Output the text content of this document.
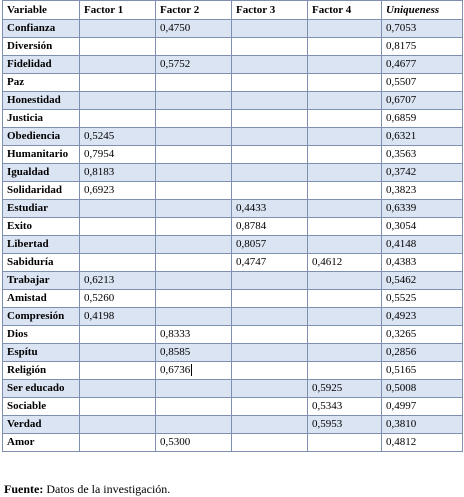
Variable	Factor 1	Factor 2	Factor 3	Factor 4	Uniqueness
Confianza		0,4750			0,7053
Diversión					0,8175
Fidelidad		0,5752			0,4677
Paz					0,5507
Honestidad					0,6707
Justicia					0,6859
Obediencia	0,5245				0,6321
Humanitario	0,7954				0,3563
Igualdad	0,8183				0,3742
Solidaridad	0,6923				0,3823
Estudiar			0,4433		0,6339
Exito			0,8784		0,3054
Libertad			0,8057		0,4148
Sabiduría			0,4747	0,4612	0,4383
Trabajar	0,6213				0,5462
Amistad	0,5260				0,5525
Compresión	0,4198				0,4923
Dios		0,8333			0,3265
Espítu		0,8585			0,2856
Religión		0,6736			0,5165
Ser educado				0,5925	0,5008
Sociable				0,5343	0,4997
Verdad				0,5953	0,3810
Amor		0,5300			0,4812
Fuente: Datos de la investigación.
